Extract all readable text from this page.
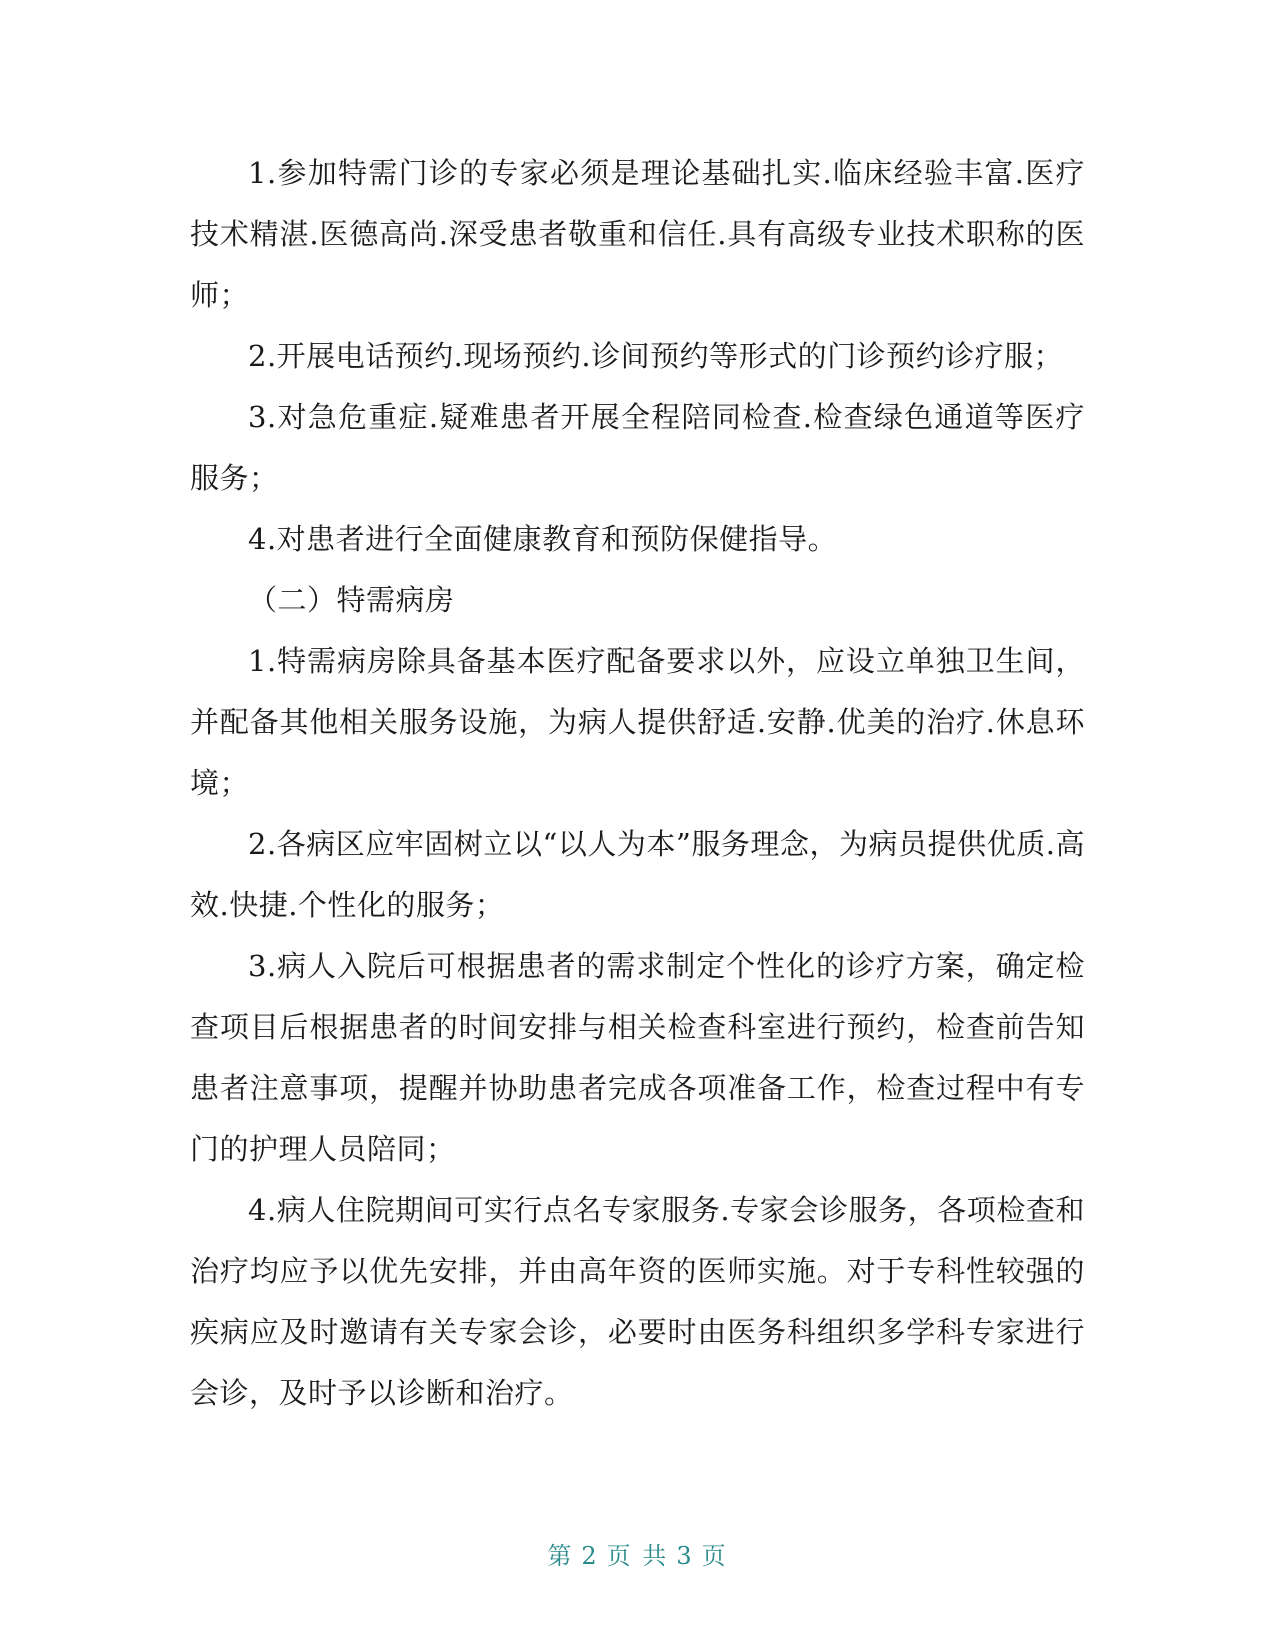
1.参加特需门诊的专家必须是理论基础扎实.临床经验丰富.医疗技术精湛.医德高尚.深受患者敬重和信任.具有高级专业技术职称的医师；

2.开展电话预约.现场预约.诊间预约等形式的门诊预约诊疗服；

3.对急危重症.疑难患者开展全程陪同检查.检查绿色通道等医疗服务；

4.对患者进行全面健康教育和预防保健指导。

（二）特需病房

1.特需病房除具备基本医疗配备要求以外，应设立单独卫生间，并配备其他相关服务设施，为病人提供舒适.安静.优美的治疗.休息环境；

2.各病区应牢固树立以“以人为本”服务理念，为病员提供优质.高效.快捷.个性化的服务；

3.病人入院后可根据患者的需求制定个性化的诊疗方案，确定检查项目后根据患者的时间安排与相关检查科室进行预约，检查前告知患者注意事项，提醒并协助患者完成各项准备工作，检查过程中有专门的护理人员陪同；

4.病人住院期间可实行点名专家服务.专家会诊服务，各项检查和治疗均应予以优先安排，并由高年资的医师实施。对于专科性较强的疾病应及时邀请有关专家会诊，必要时由医务科组织多学科专家进行会诊，及时予以诊断和治疗。

第 2 页 共 3 页
